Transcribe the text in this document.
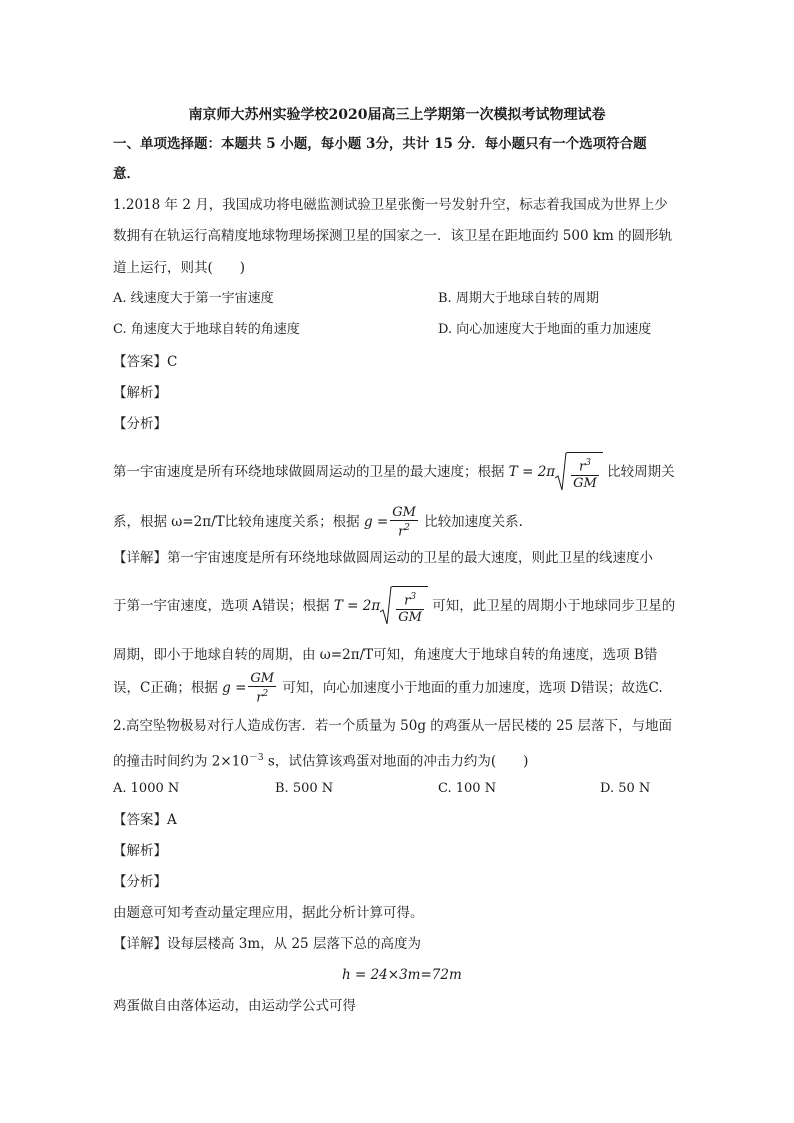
南京师大苏州实验学校2020届高三上学期第一次模拟考试物理试卷
一、单项选择题：本题共 5 小题，每小题 3分，共计 15 分．每小题只有一个选项符合题
意．
1.2018 年 2 月，我国成功将电磁监测试验卫星张衡一号发射升空，标志着我国成为世界上少
数拥有在轨运行高精度地球物理场探测卫星的国家之一．该卫星在距地面约 500 km 的圆形轨
道上运行，则其(　　)
A. 线速度大于第一宇宙速度	B. 周期大于地球自转的周期
C. 角速度大于地球自转的角速度	D. 向心加速度大于地面的重力加速度
【答案】C
【解析】
【分析】
第一宇宙速度是所有环绕地球做圆周运动的卫星的最大速度；根据 $T = 2\pi \frac{r^3}{GM}$ 比较周期关
系，根据 ω=2π/T比较角速度关系；根据 $g = \frac{GM}{r^2}$ 比较加速度关系.
【详解】第一宇宙速度是所有环绕地球做圆周运动的卫星的最大速度，则此卫星的线速度小
于第一宇宙速度，选项 A错误；根据 $T = 2\pi \frac{r^3}{GM}$ 可知，此卫星的周期小于地球同步卫星的
周期，即小于地球自转的周期，由 ω=2π/T可知，角速度大于地球自转的角速度，选项 B错
误，C正确；根据 $g = \frac{GM}{r^2}$ 可知，向心加速度小于地面的重力加速度，选项 D错误；故选C.
2.高空坠物极易对行人造成伤害．若一个质量为 50g 的鸡蛋从一居民楼的 25 层落下，与地面
的撞击时间约为 $2\times 10^{-3}$ s，试估算该鸡蛋对地面的冲击力约为(　　)
A. 1000 N	B. 500 N	C. 100 N	D. 50 N
【答案】A
【解析】
【分析】
由题意可知考查动量定理应用，据此分析计算可得。
【详解】设每层楼高 3m，从 25 层落下总的高度为
h = 24×3m=72m
鸡蛋做自由落体运动，由运动学公式可得
